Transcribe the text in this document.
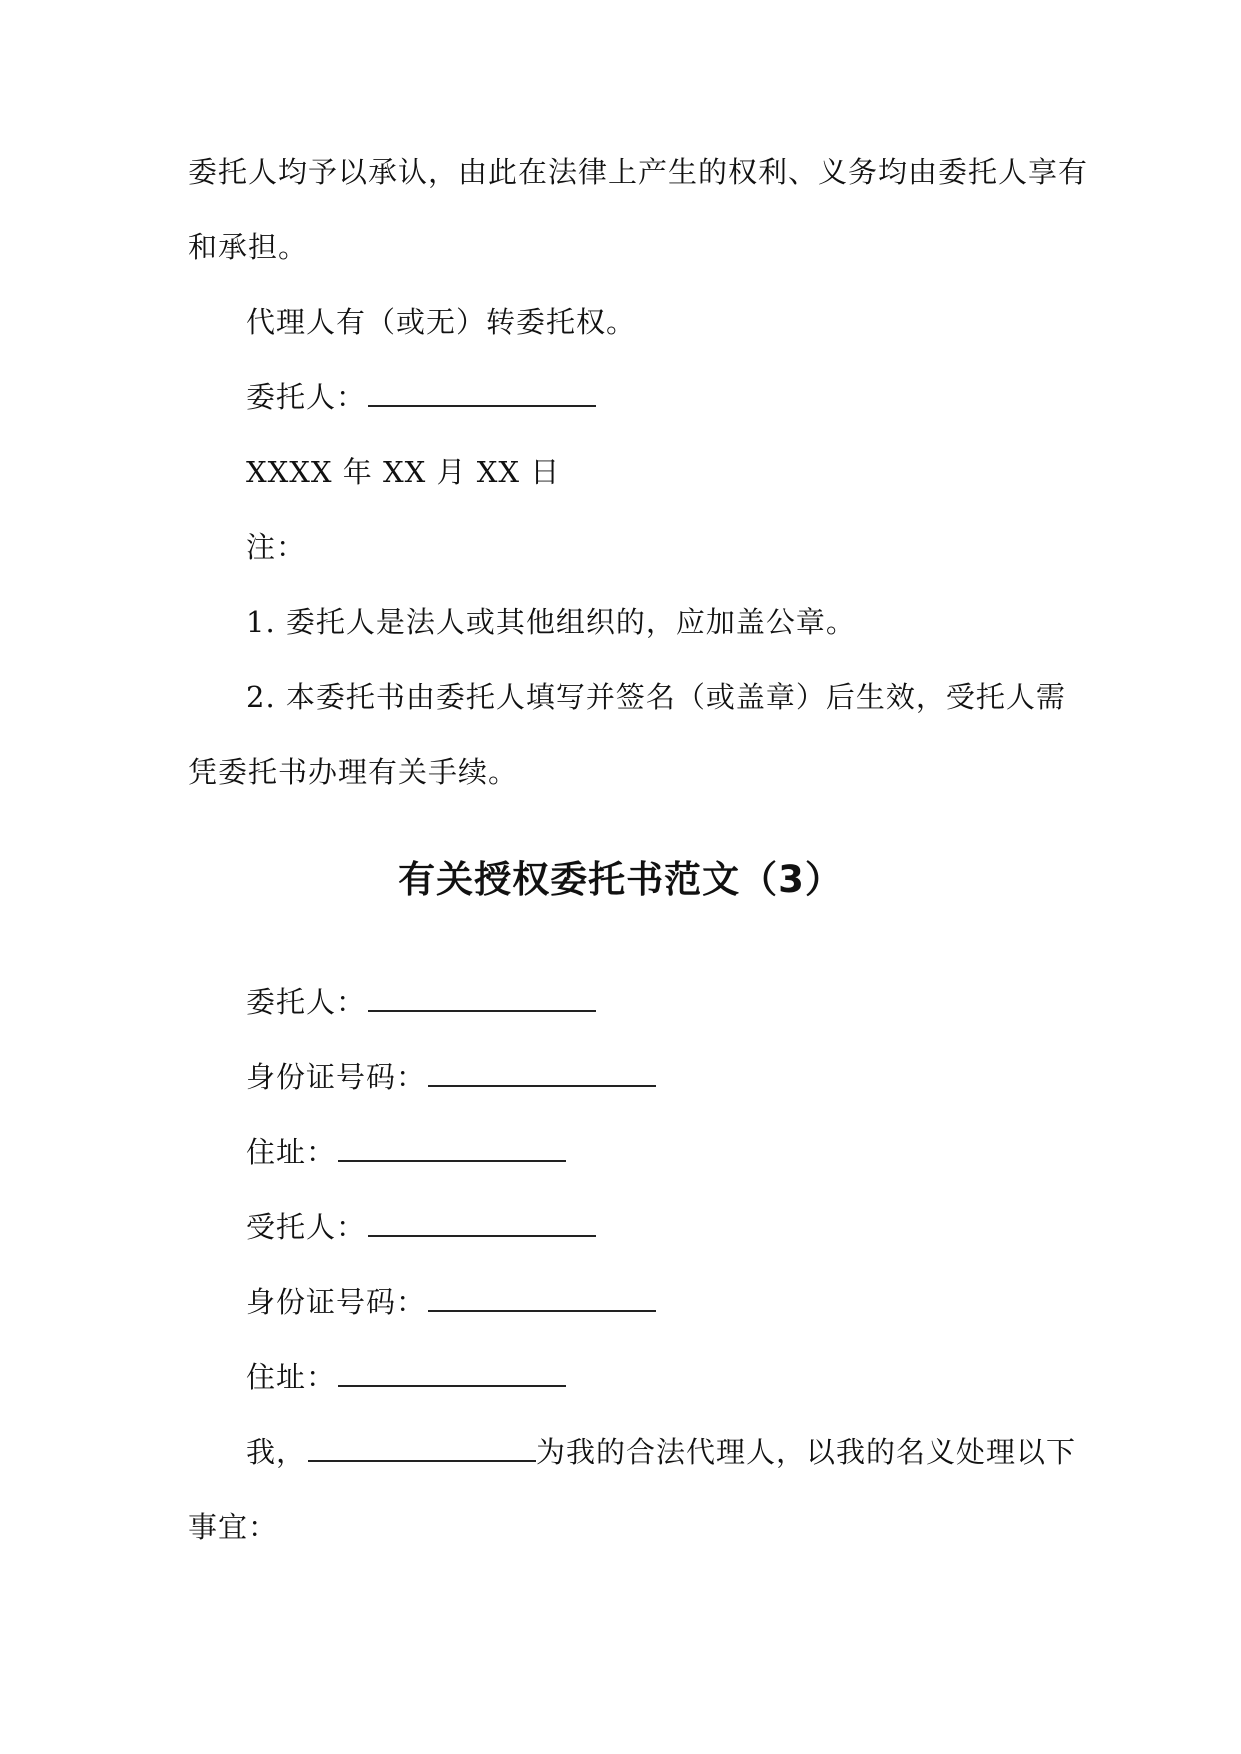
委托人均予以承认，由此在法律上产生的权利、义务均由委托人享有
和承担。
代理人有（或无）转委托权。
委托人：
XXXX 年 XX 月 XX 日
注：
1. 委托人是法人或其他组织的，应加盖公章。
2. 本委托书由委托人填写并签名（或盖章）后生效，受托人需
凭委托书办理有关手续。
有关授权委托书范文（3）
委托人：
身份证号码：
住址：
受托人：
身份证号码：
住址：
我，	为我的合法代理人，以我的名义处理以下
事宜：
